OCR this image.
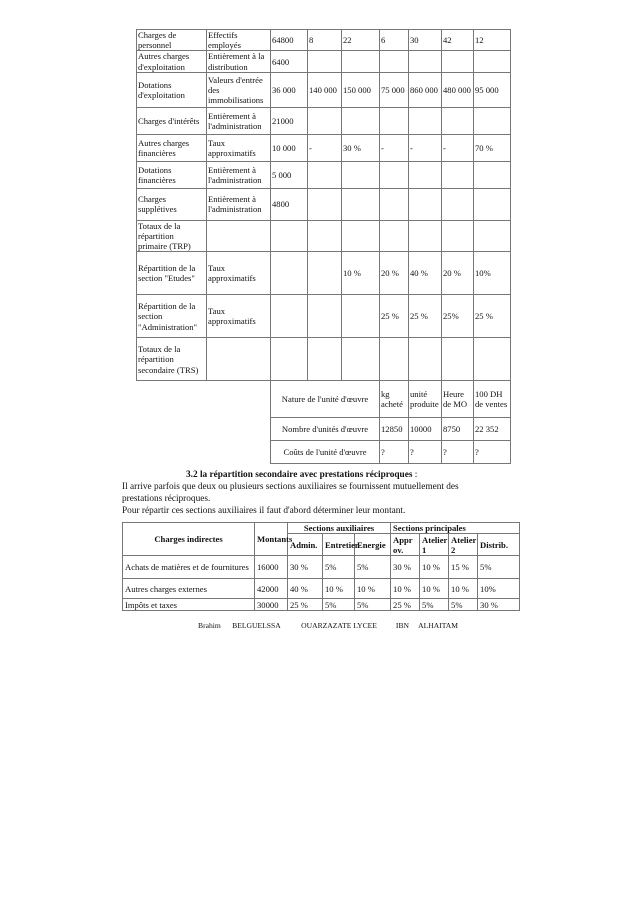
Charges de personnel	Effectifs employés	64800	8	22	6	30	42	12
Autres charges d'exploitation	Entièrement à la distribution	6400						
Dotations d'exploitation	Valeurs d'entrée des immobilisations	36 000	140 000	150 000	75 000	860 000	480 000	95 000
Charges d'intérêts	Entièrement à l'administration	21000						
Autres charges financières	Taux approximatifs	10 000	-	30 %	-	-	-	70 %
Dotations financières	Entièrement à l'administration	5 000						
Charges supplétives	Entièrement à l'administration	4800						
Totaux de la répartition primaire (TRP)								
Répartition de la section "Etudes"	Taux approximatifs			10 %	20 %	40 %	20 %	10%
Répartition de la section "Administration"	Taux approximatifs				25 %	25 %	25%	25 %
Totaux de la répartition secondaire (TRS)								
		Nature de l'unité d'œuvre			kg acheté	unité produite	Heure de MO	100 DH de ventes
		Nombre d'unités d'œuvre			12850	10000	8750	22 352
		Coûts de l'unité d'œuvre			?	?	?	?
3.2 la répartition secondaire avec prestations réciproques :
Il arrive parfois que deux ou plusieurs sections auxiliaires se fournissent mutuellement des
prestations réciproques.
Pour répartir ces sections auxiliaires il faut d'abord déterminer leur montant.
Charges indirectes	Montants	Sections auxiliaires			Sections principales			
		Admin.	Entretien	Energie	Appr ov.	Atelier 1	Atelier 2	Distrib.
Achats de matières et de fournitures	16000	30 %	5%	5%	30 %	10 %	15 %	5%
Autres charges externes	42000	40 %	10 %	10 %	10 %	10 %	10 %	10%
Impôts et taxes	30000	25 %	5%	5%	25 %	5%	5%	30 %
Brahim      BELGUELSSA           OUARZAZATE LYCEE          IBN     ALHAITAM
